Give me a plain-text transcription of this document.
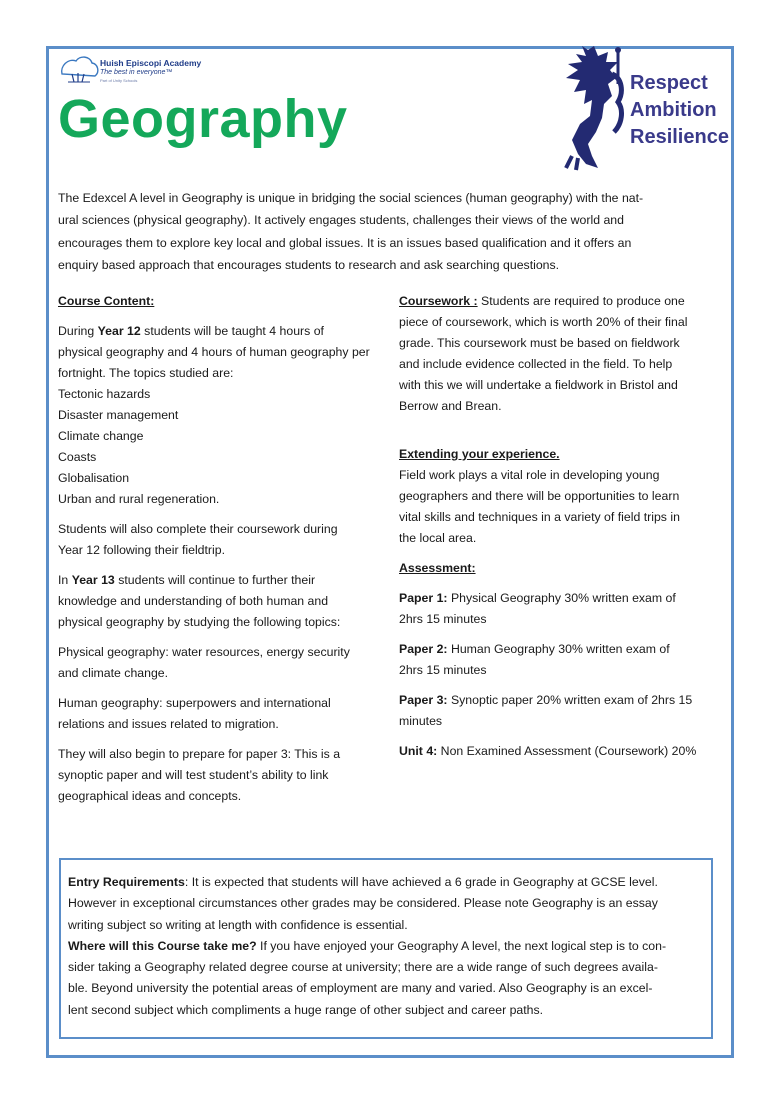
Huish Episcopi Academy
The best in everyone™
Part of Unity Schools
Geography
Respect
Ambition
Resilience
The Edexcel A level in Geography is unique in bridging the social sciences (human geography) with the nat-
ural sciences (physical geography). It actively engages students, challenges their views of the world and
encourages them to explore key local and global issues. It is an issues based qualification and it offers an
enquiry based approach that encourages students to research and ask searching questions.

Course Content:

During Year 12 students will be taught 4 hours of
physical geography and 4 hours of human geography per
fortnight. The topics studied are:
Tectonic hazards
Disaster management
Climate change
Coasts
Globalisation
Urban and rural regeneration.

Students will also complete their coursework during
Year 12 following their fieldtrip.

In Year 13 students will continue to further their
knowledge and understanding of both human and
physical geography by studying the following topics:

Physical geography: water resources, energy security
and climate change.

Human geography: superpowers and international
relations and issues related to migration.

They will also begin to prepare for paper 3: This is a
synoptic paper and will test student’s ability to link
geographical ideas and concepts.

Coursework : Students are required to produce one
piece of coursework, which is worth 20% of their final
grade. This coursework must be based on fieldwork
and include evidence collected in the field. To help
with this we will undertake a fieldwork in Bristol and
Berrow and Brean.

Extending your experience.
Field work plays a vital role in developing young
geographers and there will be opportunities to learn
vital skills and techniques in a variety of field trips in
the local area.

Assessment:

Paper 1: Physical Geography 30% written exam of
2hrs 15 minutes

Paper 2: Human Geography 30% written exam of
2hrs 15 minutes

Paper 3: Synoptic paper 20% written exam of 2hrs 15
minutes

Unit 4: Non Examined Assessment (Coursework) 20%

Entry Requirements: It is expected that students will have achieved a 6 grade in Geography at GCSE level.
However in exceptional circumstances other grades may be considered. Please note Geography is an essay
writing subject so writing at length with confidence is essential.
Where will this Course take me? If you have enjoyed your Geography A level, the next logical step is to con-
sider taking a Geography related degree course at university; there are a wide range of such degrees availa-
ble. Beyond university the potential areas of employment are many and varied. Also Geography is an excel-
lent second subject which compliments a huge range of other subject and career paths.
